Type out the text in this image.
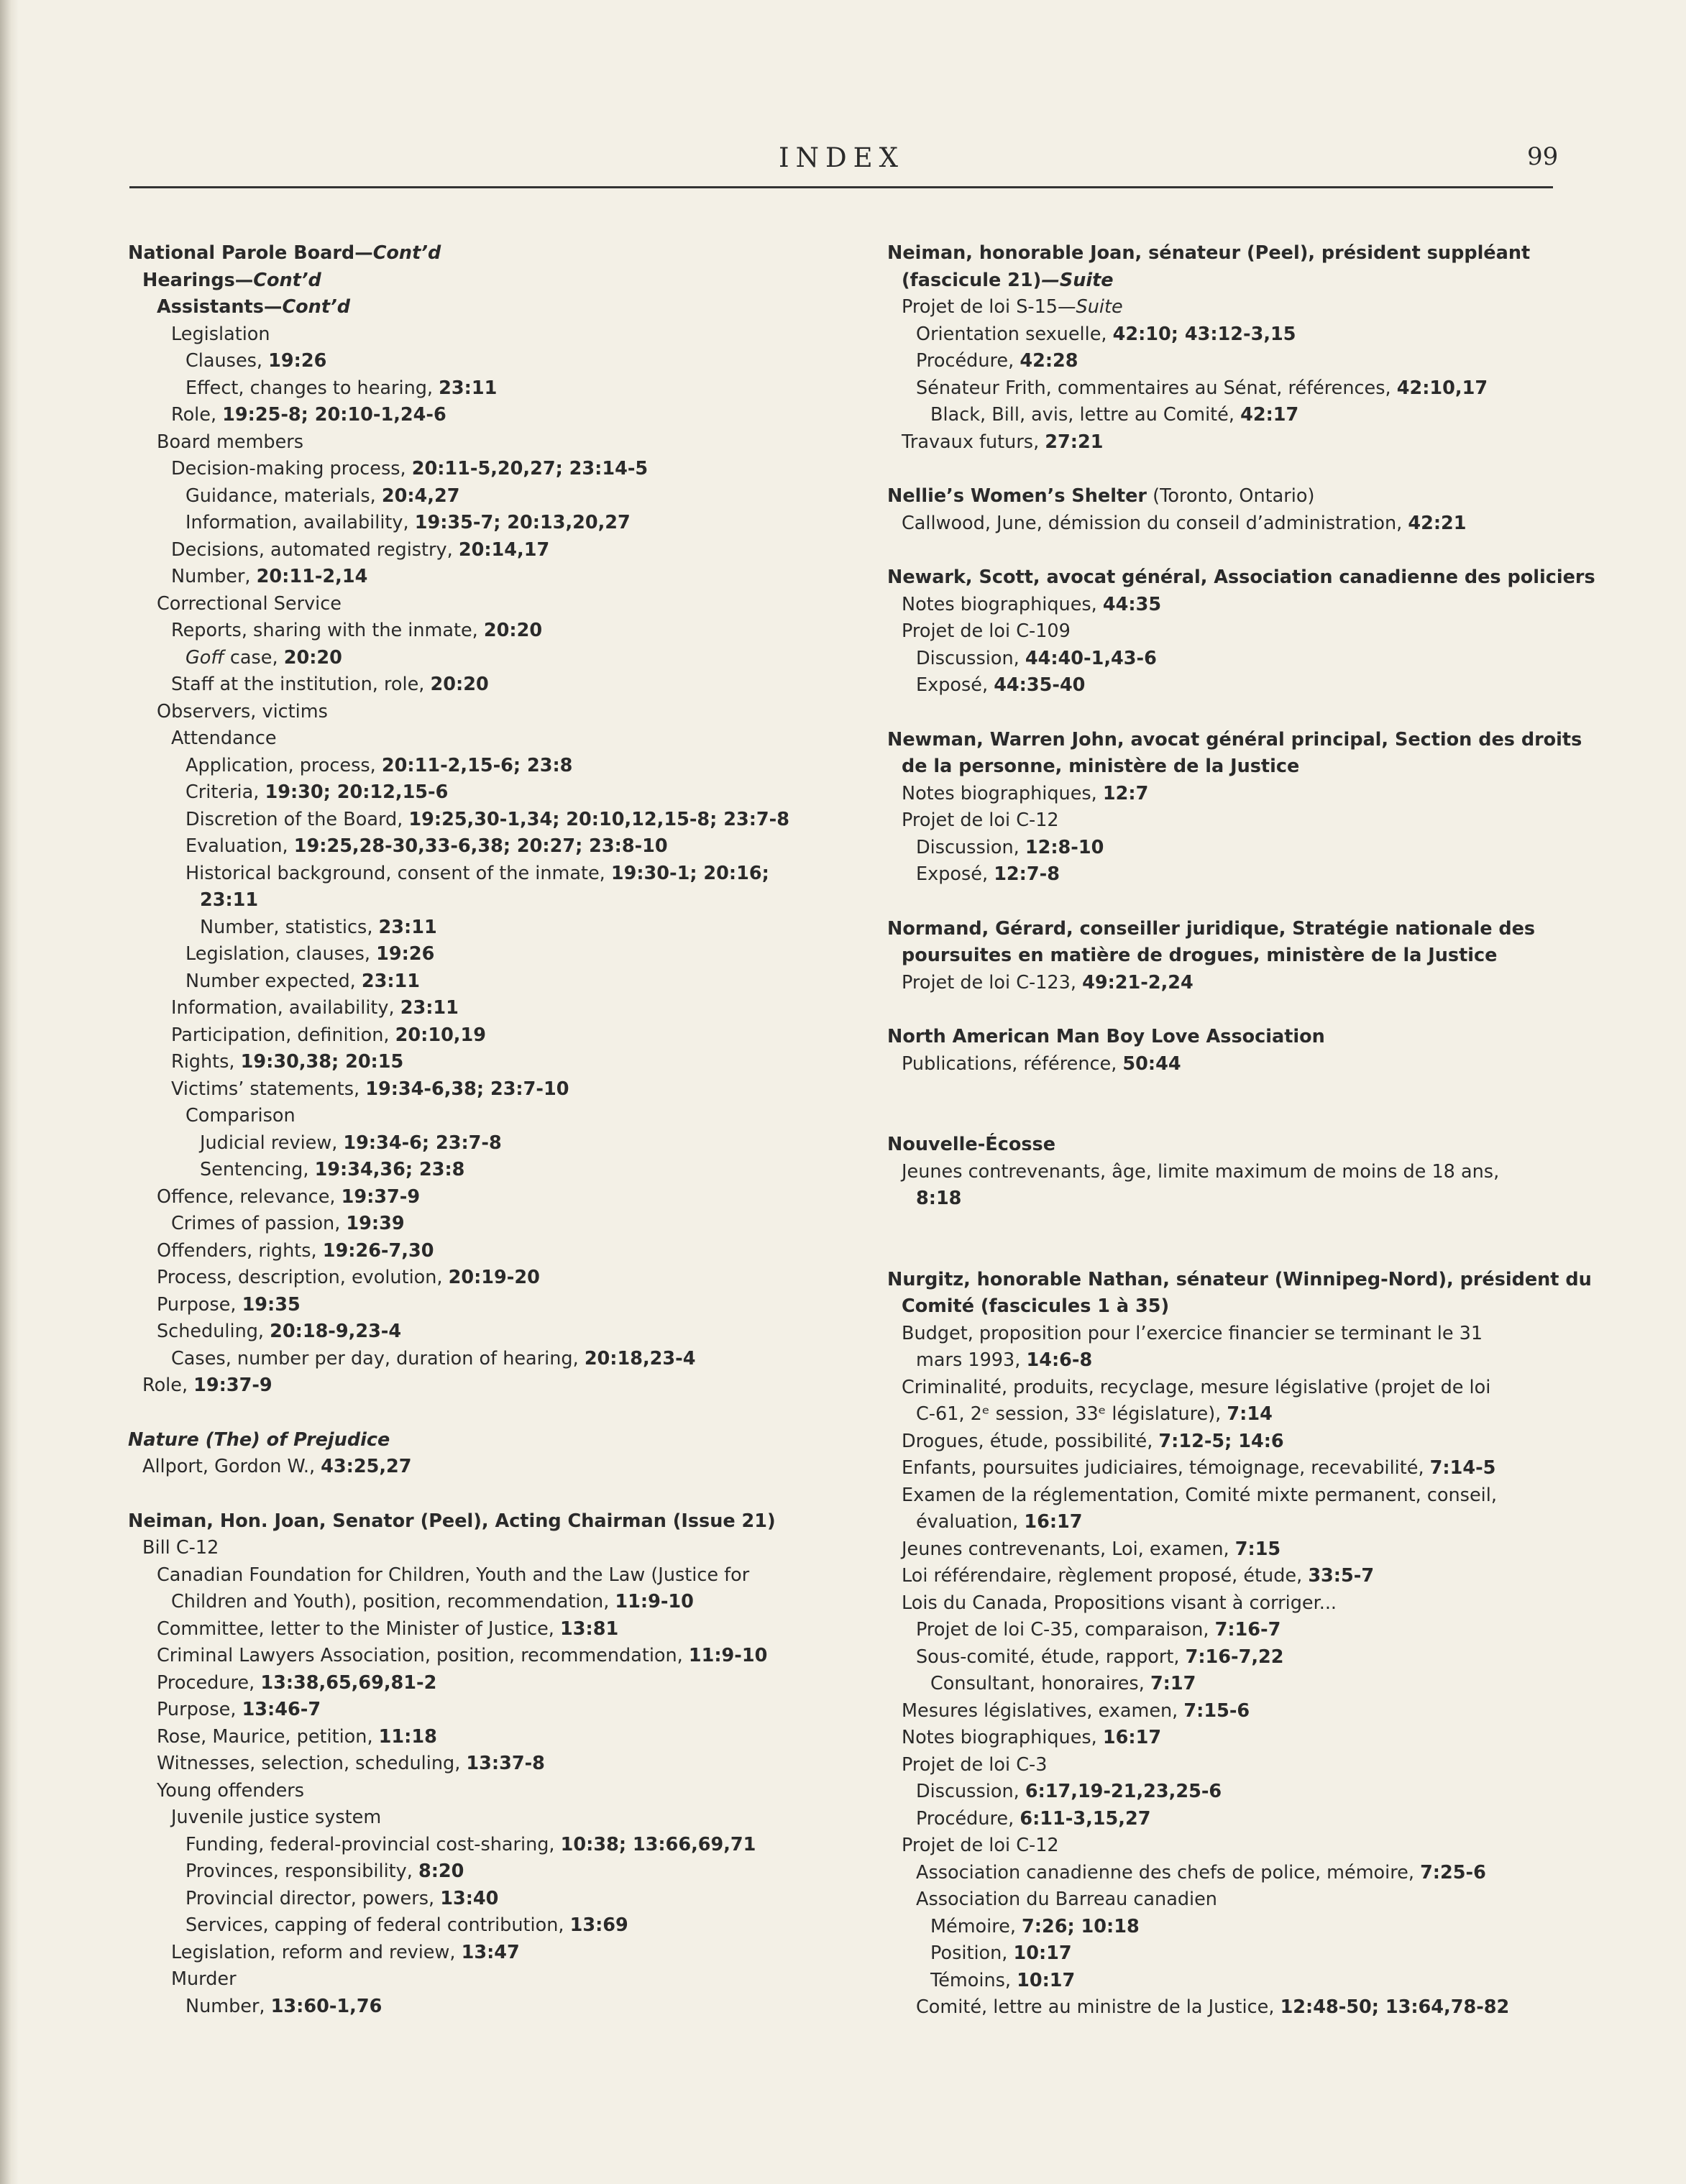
INDEX	99
National Parole Board—Cont’d
Hearings—Cont’d
Assistants—Cont’d
Legislation
Clauses, 19:26
Effect, changes to hearing, 23:11
Role, 19:25-8; 20:10-1,24-6
Board members
Decision-making process, 20:11-5,20,27; 23:14-5
Guidance, materials, 20:4,27
Information, availability, 19:35-7; 20:13,20,27
Decisions, automated registry, 20:14,17
Number, 20:11-2,14
Correctional Service
Reports, sharing with the inmate, 20:20
Goff case, 20:20
Staff at the institution, role, 20:20
Observers, victims
Attendance
Application, process, 20:11-2,15-6; 23:8
Criteria, 19:30; 20:12,15-6
Discretion of the Board, 19:25,30-1,34; 20:10,12,15-8; 23:7-8
Evaluation, 19:25,28-30,33-6,38; 20:27; 23:8-10
Historical background, consent of the inmate, 19:30-1; 20:16;
23:11
Number, statistics, 23:11
Legislation, clauses, 19:26
Number expected, 23:11
Information, availability, 23:11
Participation, definition, 20:10,19
Rights, 19:30,38; 20:15
Victims’ statements, 19:34-6,38; 23:7-10
Comparison
Judicial review, 19:34-6; 23:7-8
Sentencing, 19:34,36; 23:8
Offence, relevance, 19:37-9
Crimes of passion, 19:39
Offenders, rights, 19:26-7,30
Process, description, evolution, 20:19-20
Purpose, 19:35
Scheduling, 20:18-9,23-4
Cases, number per day, duration of hearing, 20:18,23-4
Role, 19:37-9
Nature (The) of Prejudice
Allport, Gordon W., 43:25,27
Neiman, Hon. Joan, Senator (Peel), Acting Chairman (Issue 21)
Bill C-12
Canadian Foundation for Children, Youth and the Law (Justice for
Children and Youth), position, recommendation, 11:9-10
Committee, letter to the Minister of Justice, 13:81
Criminal Lawyers Association, position, recommendation, 11:9-10
Procedure, 13:38,65,69,81-2
Purpose, 13:46-7
Rose, Maurice, petition, 11:18
Witnesses, selection, scheduling, 13:37-8
Young offenders
Juvenile justice system
Funding, federal-provincial cost-sharing, 10:38; 13:66,69,71
Provinces, responsibility, 8:20
Provincial director, powers, 13:40
Services, capping of federal contribution, 13:69
Legislation, reform and review, 13:47
Murder
Number, 13:60-1,76
Neiman, honorable Joan, sénateur (Peel), président suppléant
(fascicule 21)—Suite
Projet de loi S-15—Suite
Orientation sexuelle, 42:10; 43:12-3,15
Procédure, 42:28
Sénateur Frith, commentaires au Sénat, références, 42:10,17
Black, Bill, avis, lettre au Comité, 42:17
Travaux futurs, 27:21
Nellie’s Women’s Shelter (Toronto, Ontario)
Callwood, June, démission du conseil d’administration, 42:21
Newark, Scott, avocat général, Association canadienne des policiers
Notes biographiques, 44:35
Projet de loi C-109
Discussion, 44:40-1,43-6
Exposé, 44:35-40
Newman, Warren John, avocat général principal, Section des droits
de la personne, ministère de la Justice
Notes biographiques, 12:7
Projet de loi C-12
Discussion, 12:8-10
Exposé, 12:7-8
Normand, Gérard, conseiller juridique, Stratégie nationale des
poursuites en matière de drogues, ministère de la Justice
Projet de loi C-123, 49:21-2,24
North American Man Boy Love Association
Publications, référence, 50:44
Nouvelle-Écosse
Jeunes contrevenants, âge, limite maximum de moins de 18 ans,
8:18
Nurgitz, honorable Nathan, sénateur (Winnipeg-Nord), président du
Comité (fascicules 1 à 35)
Budget, proposition pour l’exercice financier se terminant le 31
mars 1993, 14:6-8
Criminalité, produits, recyclage, mesure législative (projet de loi
C-61, 2ᵉ session, 33ᵉ législature), 7:14
Drogues, étude, possibilité, 7:12-5; 14:6
Enfants, poursuites judiciaires, témoignage, recevabilité, 7:14-5
Examen de la réglementation, Comité mixte permanent, conseil,
évaluation, 16:17
Jeunes contrevenants, Loi, examen, 7:15
Loi référendaire, règlement proposé, étude, 33:5-7
Lois du Canada, Propositions visant à corriger...
Projet de loi C-35, comparaison, 7:16-7
Sous-comité, étude, rapport, 7:16-7,22
Consultant, honoraires, 7:17
Mesures législatives, examen, 7:15-6
Notes biographiques, 16:17
Projet de loi C-3
Discussion, 6:17,19-21,23,25-6
Procédure, 6:11-3,15,27
Projet de loi C-12
Association canadienne des chefs de police, mémoire, 7:25-6
Association du Barreau canadien
Mémoire, 7:26; 10:18
Position, 10:17
Témoins, 10:17
Comité, lettre au ministre de la Justice, 12:48-50; 13:64,78-82
